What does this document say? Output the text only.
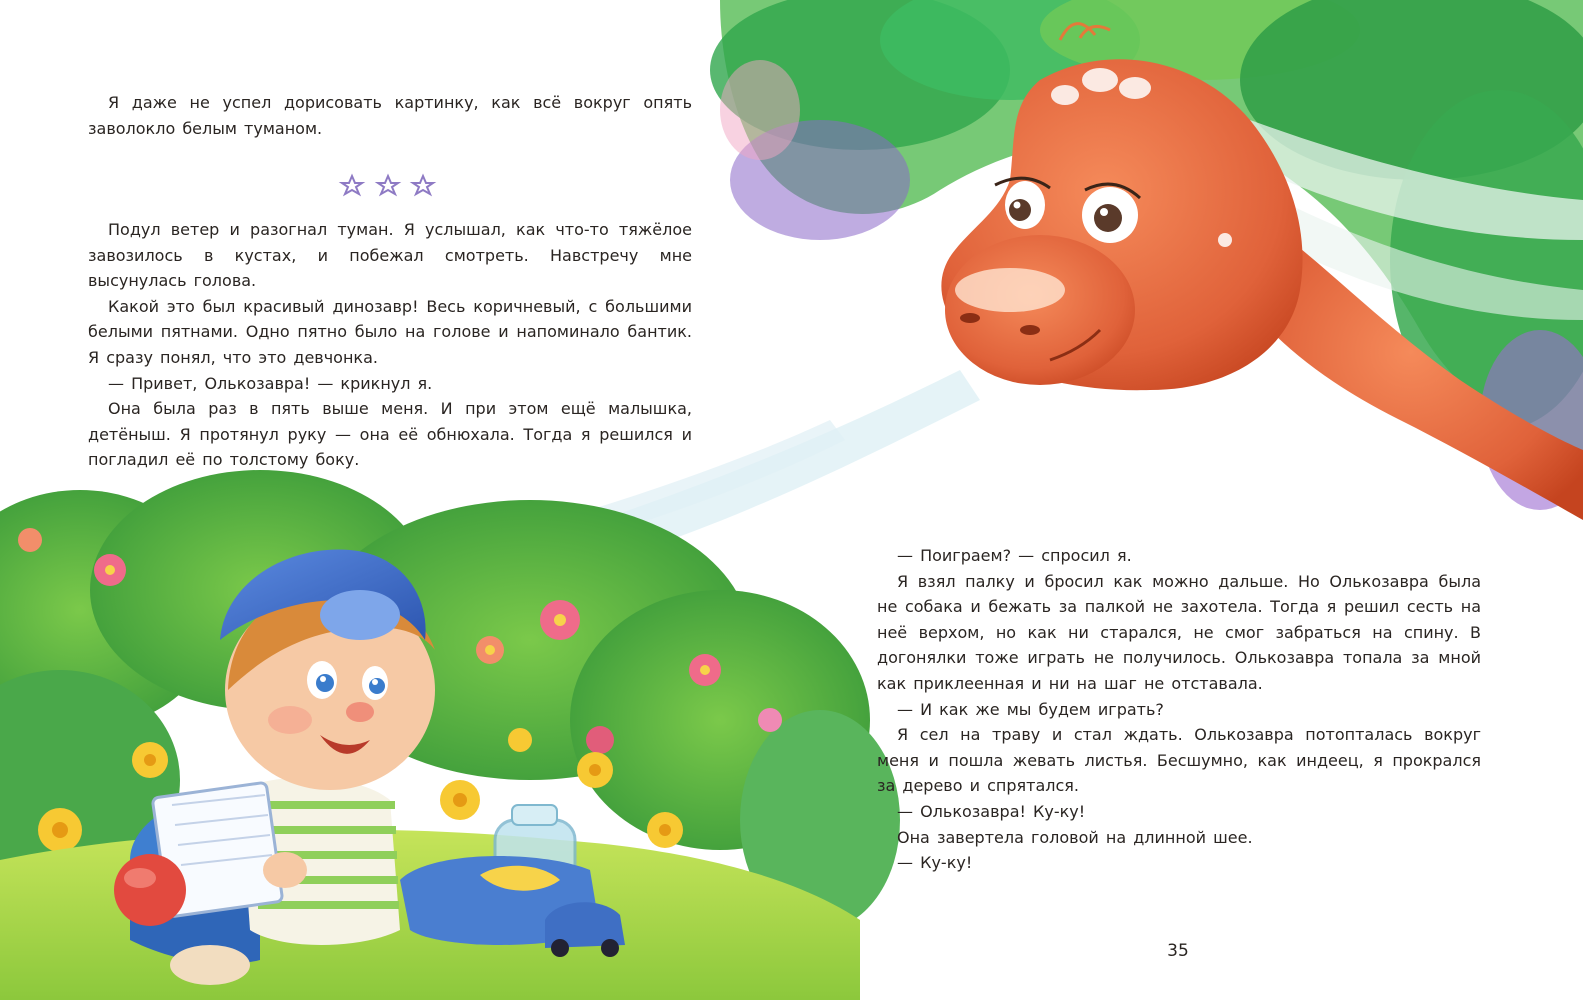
Я даже не успел дорисовать картинку, как всё вокруг опять заволокло белым туманом.

Подул ветер и разогнал туман. Я услышал, как что-то тяжёлое завозилось в кустах, и побежал смотреть. Навстречу мне высунулась голова.

Какой это был красивый динозавр! Весь коричневый, с большими белыми пятнами. Одно пятно было на голове и напоминало бантик. Я сразу понял, что это девчонка.

— Привет, Олькозавра! — крикнул я.

Она была раз в пять выше меня. И при этом ещё малышка, детёныш. Я протянул руку — она её обнюхала. Тогда я решился и погладил её по толстому боку.

— Поиграем? — спросил я.

Я взял палку и бросил как можно дальше. Но Олькозавра была не собака и бежать за палкой не захотела. Тогда я решил сесть на неё верхом, но как ни старался, не смог забраться на спину. В догонялки тоже играть не получилось. Олькозавра топала за мной как приклеенная и ни на шаг не отставала.

— И как же мы будем играть?

Я сел на траву и стал ждать. Олькозавра потопталась вокруг меня и пошла жевать листья. Бесшумно, как индеец, я прокрался за дерево и спрятался.

— Олькозавра! Ку-ку!

Она завертела головой на длинной шее.

— Ку-ку!

35
